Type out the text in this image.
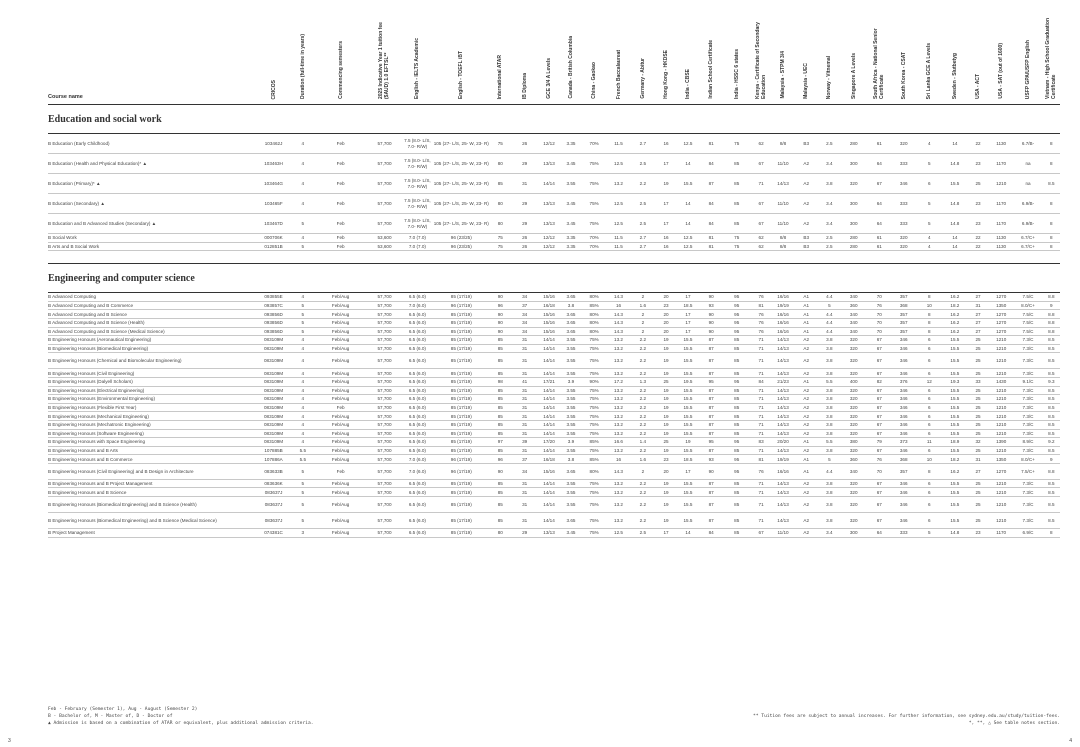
Course name	CRICOS	Duration (full-time in years)	Commencing semesters	2025 Indicative Year 1 tuition fee ($AUD) 1.0 EFTSL**	English - IELTS Academic	English - TOEFL iBT	International ATAR	IB Diploma	GCE 3/4 A Levels	Canada - British Columbia	China - Gaokao	French Baccalaureat	Germany - Abitur	Hong Kong - HKDSE	India - CBSE	Indian School Certificate	India - HSSC 6 states	Kenya - Certificate of Secondary Education	Malaysia - STPM 3/4	Malaysia - UEC	Norway - Vitnemal	Singapore A Levels	South Africa - National Senior Certificate	South Korea - CSAT	Sri Lanka GCE A Levels	Sweden - Slutbetyg	USA - ACT	USA - SAT (out of 1600)	USFP GPA/USFP English	Vietnam - High School Graduation Certificate
Education and social work																														
B Education (Early Childhood)	103462J	4	Feb	57,700	7.5 (8.0- L/S, 7.0- R/W)	105 (27- L/S, 25- W, 23- R)	75	26	12/12	3.35	70%	11.5	2.7	16	12.5	81	75	62	8/8	B3	2.5	280	61	320	4	14	22	1130	6.7/B-	8
B Education (Health and Physical Education)* ▲	103463H	4	Feb	57,700	7.5 (8.0- L/S, 7.0- R/W)	105 (27- L/S, 25- W, 23- R)	80	29	13/13	3.45	75%	12.5	2.5	17	14	84	85	67	11/10	A2	3.4	300	64	333	5	14.8	23	1170	na	8
B Education (Primary)* ▲	103464G	4	Feb	57,700	7.5 (8.0- L/S, 7.0- R/W)	105 (27- L/S, 25- W, 23- R)	85	31	14/14	3.55	75%	13.2	2.2	19	15.5	87	85	71	14/13	A2	3.8	320	67	346	6	15.5	25	1210	na	8.5
B Education (Secondary) ▲	103465F	4	Feb	57,700	7.5 (8.0- L/S, 7.0- R/W)	105 (27- L/S, 25- W, 23- R)	80	29	13/13	3.45	75%	12.5	2.5	17	14	84	85	67	11/10	A2	3.4	300	64	333	5	14.8	23	1170	6.9/B-	8
B Education and B Advanced Studies (Secondary) ▲	103467D	5	Feb	57,700	7.5 (8.0- L/S, 7.0- R/W)	105 (27- L/S, 25- W, 23- R)	80	29	13/13	3.45	75%	12.5	2.5	17	14	84	85	67	11/10	A2	3.4	300	64	333	5	14.8	23	1170	6.9/B-	8
B Social Work	000706K	4	Feb	53,600	7.0 (7.0)	96 (23/25)	75	26	12/12	3.35	70%	11.5	2.7	16	12.5	81	75	62	8/8	B3	2.5	280	61	320	4	14	22	1130	6.7/C+	8
B Arts and B Social Work	012851B	5	Feb	53,600	7.0 (7.0)	96 (23/25)	75	26	12/12	3.35	70%	11.5	2.7	16	12.5	81	75	62	8/8	B3	2.5	280	61	320	4	14	22	1130	6.7/C+	8

Engineering and computer science																														
B Advanced Computing	093855E	4	Feb/Aug	57,700	6.5 (6.0)	85 (17/19)	90	34	15/16	3.65	80%	14.3	2	20	17	90	95	76	16/16	A1	4.4	340	70	357	8	16.2	27	1270	7.5/C	8.8
B Advanced Computing and B Commerce	093857C	5	Feb/Aug	57,700	7.0 (6.0)	96 (17/19)	96	37	16/18	3.8	85%	16	1.6	23	18.5	93	95	81	19/19	A1	5	360	76	368	10	18.2	31	1350	8.0/C+	9
B Advanced Computing and B Science	093856D	5	Feb/Aug	57,700	6.5 (6.0)	85 (17/19)	90	34	15/16	3.65	80%	14.3	2	20	17	90	95	76	16/16	A1	4.4	340	70	357	8	16.2	27	1270	7.5/C	8.8
B Advanced Computing and B Science (Health)	093856D	5	Feb/Aug	57,700	6.5 (6.0)	85 (17/19)	90	34	15/16	3.65	80%	14.3	2	20	17	90	95	76	16/16	A1	4.4	340	70	357	8	16.2	27	1270	7.5/C	8.8
B Advanced Computing and B Science (Medical Science)	093856D	5	Feb/Aug	57,700	6.5 (6.0)	85 (17/19)	90	34	15/16	3.65	80%	14.3	2	20	17	90	95	76	16/16	A1	4.4	340	70	357	8	16.2	27	1270	7.5/C	8.8
B Engineering Honours (Aeronautical Engineering)	083109M	4	Feb/Aug	57,700	6.5 (6.0)	85 (17/19)	85	31	14/14	3.55	75%	13.2	2.2	19	15.5	87	85	71	14/13	A2	3.8	320	67	346	6	15.5	25	1210	7.3/C	8.5
B Engineering Honours (Biomedical Engineering)	083109M	4	Feb/Aug	57,700	6.5 (6.0)	85 (17/19)	85	31	14/14	3.55	75%	13.2	2.2	19	15.5	87	85	71	14/13	A2	3.8	320	67	346	6	15.5	25	1210	7.3/C	8.5
B Engineering Honours (Chemical and Biomolecular Engineering)	083109M	4	Feb/Aug	57,700	6.5 (6.0)	85 (17/19)	85	31	14/14	3.55	75%	13.2	2.2	19	15.5	87	85	71	14/13	A2	3.8	320	67	346	6	15.5	25	1210	7.3/C	8.5
B Engineering Honours (Civil Engineering)	083109M	4	Feb/Aug	57,700	6.5 (6.0)	85 (17/19)	85	31	14/14	3.55	75%	13.2	2.2	19	15.5	87	85	71	14/13	A2	3.8	320	67	346	6	15.5	25	1210	7.3/C	8.5
B Engineering Honours (Dalyell Scholars)	083109M	4	Feb/Aug	57,700	6.5 (6.0)	85 (17/19)	98	41	17/21	3.9	90%	17.2	1.3	25	19.5	95	95	84	21/23	A1	5.5	400	82	376	12	19.3	33	1430	9.1/C	9.3
B Engineering Honours (Electrical Engineering)	083109M	4	Feb/Aug	57,700	6.5 (6.0)	85 (17/19)	85	31	14/14	3.55	75%	13.2	2.2	19	15.5	87	85	71	14/13	A2	3.8	320	67	346	6	15.5	25	1210	7.3/C	8.5
B Engineering Honours (Environmental Engineering)	083109M	4	Feb/Aug	57,700	6.5 (6.0)	85 (17/19)	85	31	14/14	3.55	75%	13.2	2.2	19	15.5	87	85	71	14/13	A2	3.8	320	67	346	6	15.5	25	1210	7.3/C	8.5
B Engineering Honours (Flexible First Year)	083109M	4	Feb	57,700	6.5 (6.0)	85 (17/19)	85	31	14/14	3.55	75%	13.2	2.2	19	15.5	87	85	71	14/13	A2	3.8	320	67	346	6	15.5	25	1210	7.3/C	8.5
B Engineering Honours (Mechanical Engineering)	083109M	4	Feb/Aug	57,700	6.5 (6.0)	85 (17/19)	85	31	14/14	3.55	75%	13.2	2.2	19	15.5	87	85	71	14/13	A2	3.8	320	67	346	6	15.5	25	1210	7.3/C	8.5
B Engineering Honours (Mechatronic Engineering)	083109M	4	Feb/Aug	57,700	6.5 (6.0)	85 (17/19)	85	31	14/14	3.55	75%	13.2	2.2	19	15.5	87	85	71	14/13	A2	3.8	320	67	346	6	15.5	25	1210	7.3/C	8.5
B Engineering Honours (Software Engineering)	083109M	4	Feb/Aug	57,700	6.5 (6.0)	85 (17/19)	85	31	14/14	3.55	75%	13.2	2.2	19	15.5	87	85	71	14/13	A2	3.8	320	67	346	6	15.5	25	1210	7.3/C	8.5
B Engineering Honours with Space Engineering	083109M	4	Feb/Aug	57,700	6.5 (6.0)	85 (17/19)	97	39	17/20	3.9	85%	16.6	1.4	25	19	95	95	83	20/20	A1	5.5	380	79	373	11	18.9	32	1390	8.9/C	9.2
B Engineering Honours and B Arts	107885B	5.5	Feb/Aug	57,700	6.5 (6.0)	85 (17/19)	85	31	14/14	3.55	75%	13.2	2.2	19	15.5	87	85	71	14/13	A2	3.8	320	67	346	6	15.5	25	1210	7.3/C	8.5
B Engineering Honours and B Commerce	107886A	5.5	Feb/Aug	57,700	7.0 (6.0)	96 (17/19)	96	37	16/18	3.8	85%	16	1.6	23	18.5	93	95	81	19/19	A1	5	360	76	368	10	18.2	31	1350	8.0/C+	9
B Engineering Honours (Civil Engineering) and B Design in Architecture	083633B	5	Feb	57,700	7.0 (6.0)	96 (17/19)	90	34	15/16	3.65	80%	14.3	2	20	17	90	95	76	16/16	A1	4.4	340	70	357	8	16.2	27	1270	7.5/C+	8.8
B Engineering Honours and B Project Management	083636K	5	Feb/Aug	57,700	6.5 (6.0)	85 (17/19)	85	31	14/14	3.55	75%	13.2	2.2	19	15.5	87	85	71	14/13	A2	3.8	320	67	346	6	15.5	25	1210	7.3/C	8.5
B Engineering Honours and B Science	083637J	5	Feb/Aug	57,700	6.5 (6.0)	85 (17/19)	85	31	14/14	3.55	75%	13.2	2.2	19	15.5	87	85	71	14/13	A2	3.8	320	67	346	6	15.5	25	1210	7.3/C	8.5
B Engineering Honours (Biomedical Engineering) and B Science (Health)	083637J	5	Feb/Aug	57,700	6.5 (6.0)	85 (17/19)	85	31	14/14	3.55	75%	13.2	2.2	19	15.5	87	85	71	14/13	A2	3.8	320	67	346	6	15.5	25	1210	7.3/C	8.5
B Engineering Honours (Biomedical Engineering) and B Science (Medical Science)	083637J	5	Feb/Aug	57,700	6.5 (6.0)	85 (17/19)	85	31	14/14	3.65	75%	13.2	2.2	19	15.5	87	85	71	14/13	A2	3.8	320	67	346	6	15.5	25	1210	7.3/C	8.5
B Project Management	074381C	3	Feb/Aug	57,700	6.5 (6.0)	85 (17/19)	80	29	13/13	3.45	75%	12.5	2.5	17	14	84	85	67	11/10	A2	3.4	300	64	333	5	14.8	23	1170	6.9/C	8
Feb - February (Semester 1), Aug - August (Semester 2)
B - Bachelor of, M - Master of, D - Doctor of
▲ Admission is based on a combination of ATAR or equivalent, plus additional admission criteria.
** Tuition fees are subject to annual increases. For further information, see sydney.edu.au/study/tuition-fees.
*, **, △ See table notes section.
3	4
